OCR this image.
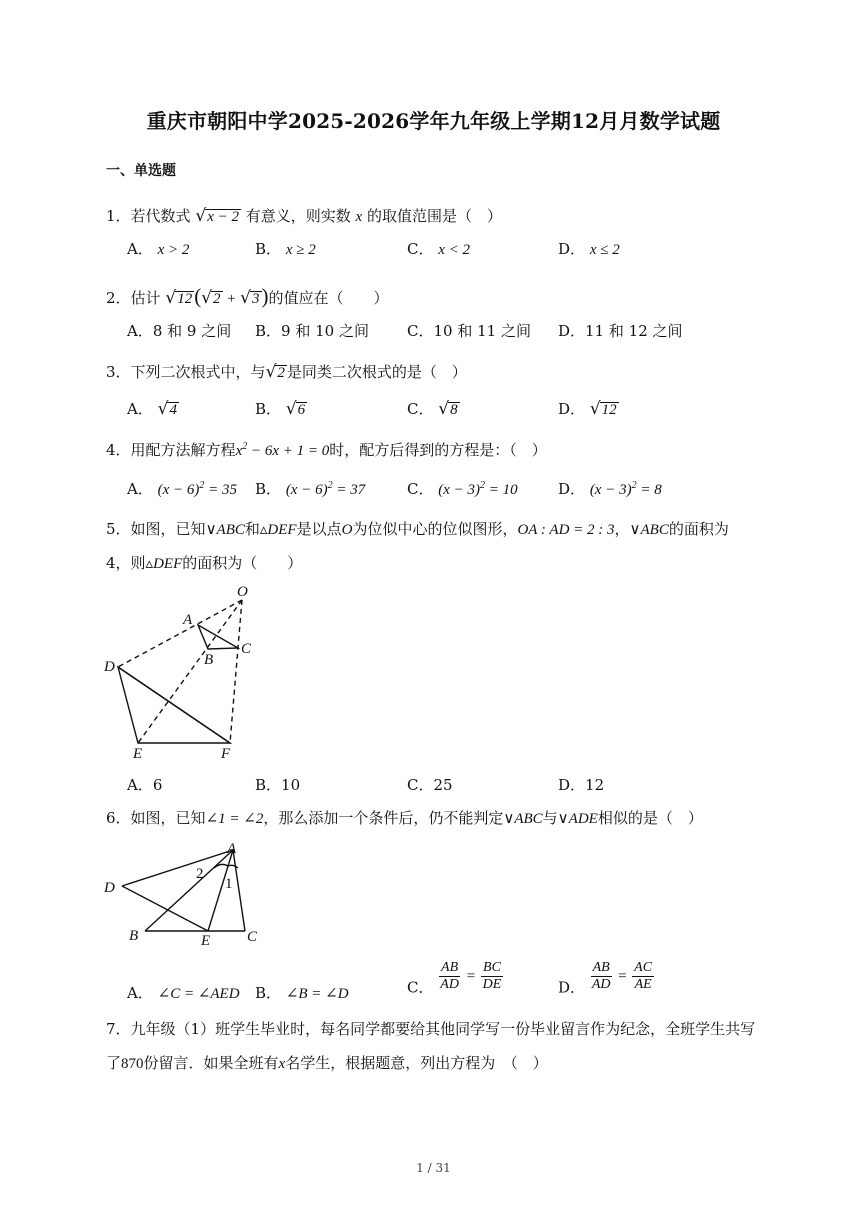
重庆市朝阳中学2025-2026学年九年级上学期12月月数学试题
一、单选题
1．若代数式 √x − 2 有意义，则实数 x 的取值范围是（　）
A． x > 2	B． x ≥ 2	C． x < 2	D． x ≤ 2
2．估计 √12(√2 + √3)的值应在（　　）
A．8 和 9 之间 B．9 和 10 之间	C．10 和 11 之间 D．11 和 12 之间
3．下列二次根式中，与√2 是同类二次根式的是（　）
A． √4	B． √6	C． √8	D． √12
4．用配方法解方程$x^2 - 6x + 1 = 0$时，配方后得到的方程是：（　）
A． $(x - 6)^2 = 35$ B． $(x - 6)^2 = 37$	C． $(x - 3)^2 = 10$	D． $(x - 3)^2 = 8$
5．如图，已知∨ABC和▵DEF是以点O为位似中心的位似图形，OA : AD = 2 : 3，∨ABC的面积为
4，则▵DEF的面积为（　　）
O
A
B
C
D
E	F
A．6	B．10	C．25	D．12
6．如图，已知∠1 = ∠2，那么添加一个条件后，仍不能判定∨ABC与∨ADE相似的是（　）
A
D
B	E C
2
1
A． ∠C = ∠AED B． ∠B = ∠D	C． $\frac{AB}{AD} = \frac{BC}{DE}$	D． $\frac{AB}{AD} = \frac{AC}{AE}$
7．九年级（1）班学生毕业时，每名同学都要给其他同学写一份毕业留言作为纪念，全班学生共写
了870份留言．如果全班有x名学生，根据题意，列出方程为　（　）
1 / 31
